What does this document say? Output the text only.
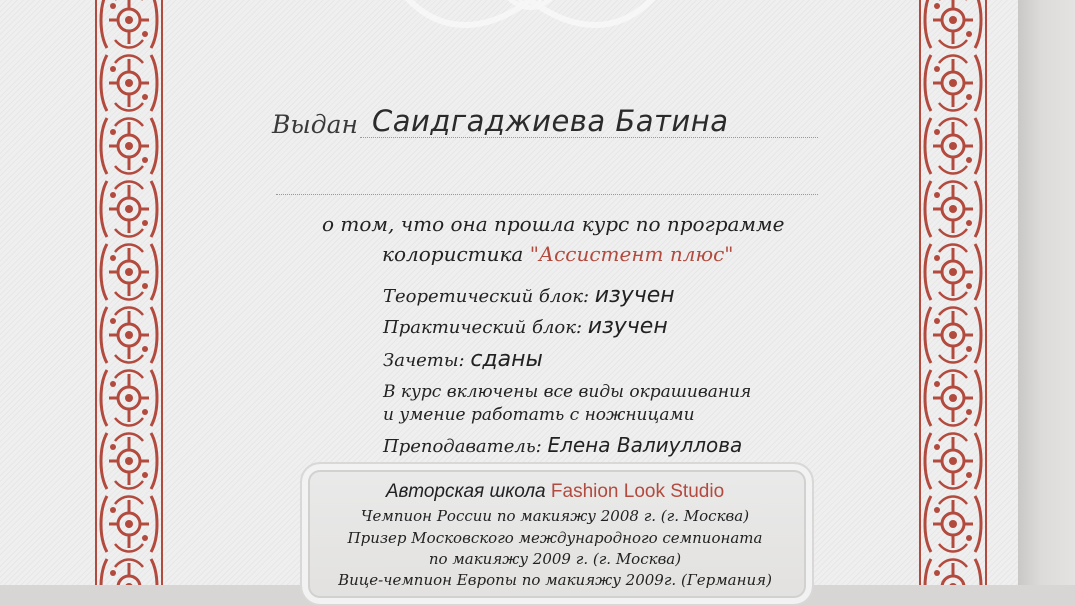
Выдан Саидгаджиева Батина
о том, что она прошла курс по программе
колористика "Ассистент плюс"
Теоретический блок: изучен
Практический блок: изучен
Зачеты: сданы
В курс включены все виды окрашивания
и умение работать с ножницами
Преподаватель: Елена Валиуллова
Авторская школа Fashion Look Studio
Чемпион России по макияжу 2008 г. (г. Москва)
Призер Московского международного семпионата
по макияжу 2009 г. (г. Москва)
Вице-чемпион Европы по макияжу 2009г. (Германия)
